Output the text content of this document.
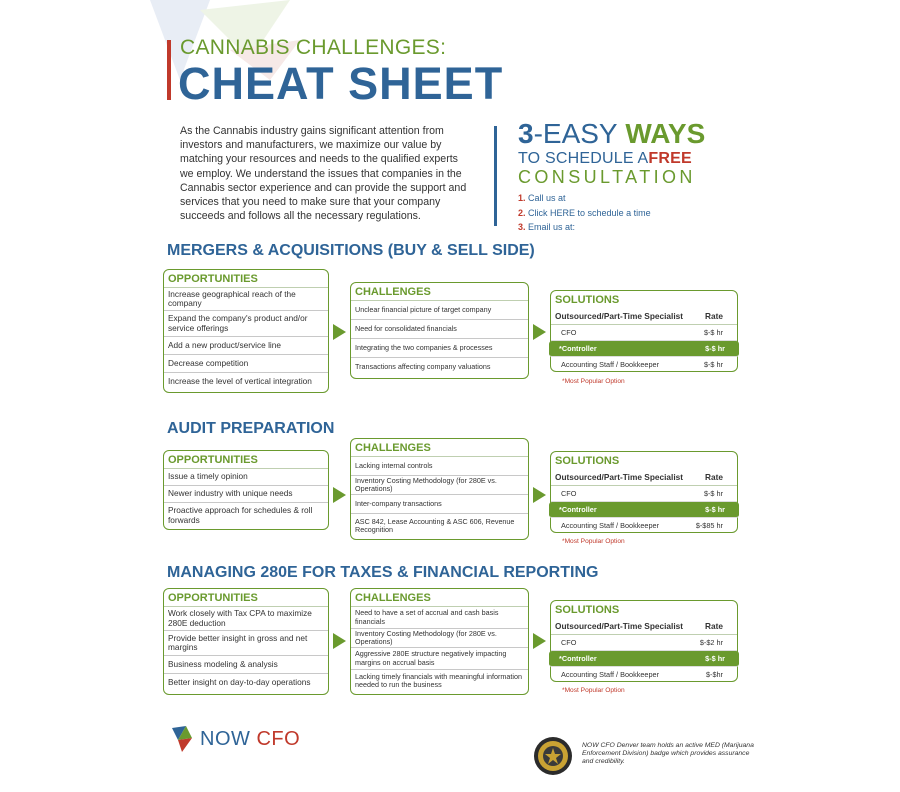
CANNABIS CHALLENGES:
CHEAT SHEET
As the Cannabis industry gains significant attention from investors and manufacturers, we maximize our value by matching your resources and needs to the qualified experts we employ. We understand the issues that companies in the Cannabis sector experience and can provide the support and services that you need to make sure that your company succeeds and follows all the necessary regulations.
3-EASY WAYS
TO SCHEDULE AFREE
CONSULTATION
1. Call us at
2. Click HERE to schedule a time
3. Email us at:
MERGERS & ACQUISITIONS (BUY & SELL SIDE)
OPPORTUNITIES
Increase geographical reach of the company
Expand the company's product and/or service offerings
Add a new product/service line
Decrease competition
Increase the level of vertical integration
CHALLENGES
Unclear financial picture of target company
Need for consolidated financials
Integrating the two companies & processes
Transactions affecting company valuations
SOLUTIONS
Outsourced/Part-Time Specialist	Rate
CFO	$-$ hr
*Controller	$-$ hr
Accounting Staff / Bookkeeper	$-$ hr
*Most Popular Option
AUDIT PREPARATION
OPPORTUNITIES
Issue a timely opinion
Newer industry with unique needs
Proactive approach for schedules & roll forwards
CHALLENGES
Lacking internal controls
Inventory Costing Methodology (for 280E vs. Operations)
Inter-company transactions
ASC 842, Lease Accounting & ASC 606, Revenue Recognition
SOLUTIONS
Outsourced/Part-Time Specialist	Rate
CFO	$-$ hr
*Controller	$-$ hr
Accounting Staff / Bookkeeper	$-$85 hr
*Most Popular Option
MANAGING 280E FOR TAXES & FINANCIAL REPORTING
OPPORTUNITIES
Work closely with Tax CPA to maximize 280E deduction
Provide better insight in gross and net margins
Business modeling & analysis
Better insight on day-to-day operations
CHALLENGES
Need to have a set of accrual and cash basis financials
Inventory Costing Methodology (for 280E vs. Operations)
Aggressive 280E structure negatively impacting margins on accrual basis
Lacking timely financials with meaningful information needed to run the business
SOLUTIONS
Outsourced/Part-Time Specialist	Rate
CFO	$-$2 hr
*Controller	$-$ hr
Accounting Staff / Bookkeeper	$-$hr
*Most Popular Option
NOW CFO	NOW CFO Denver team holds an active MED (Marijuana Enforcement Division) badge which provides assurance and credibility.
